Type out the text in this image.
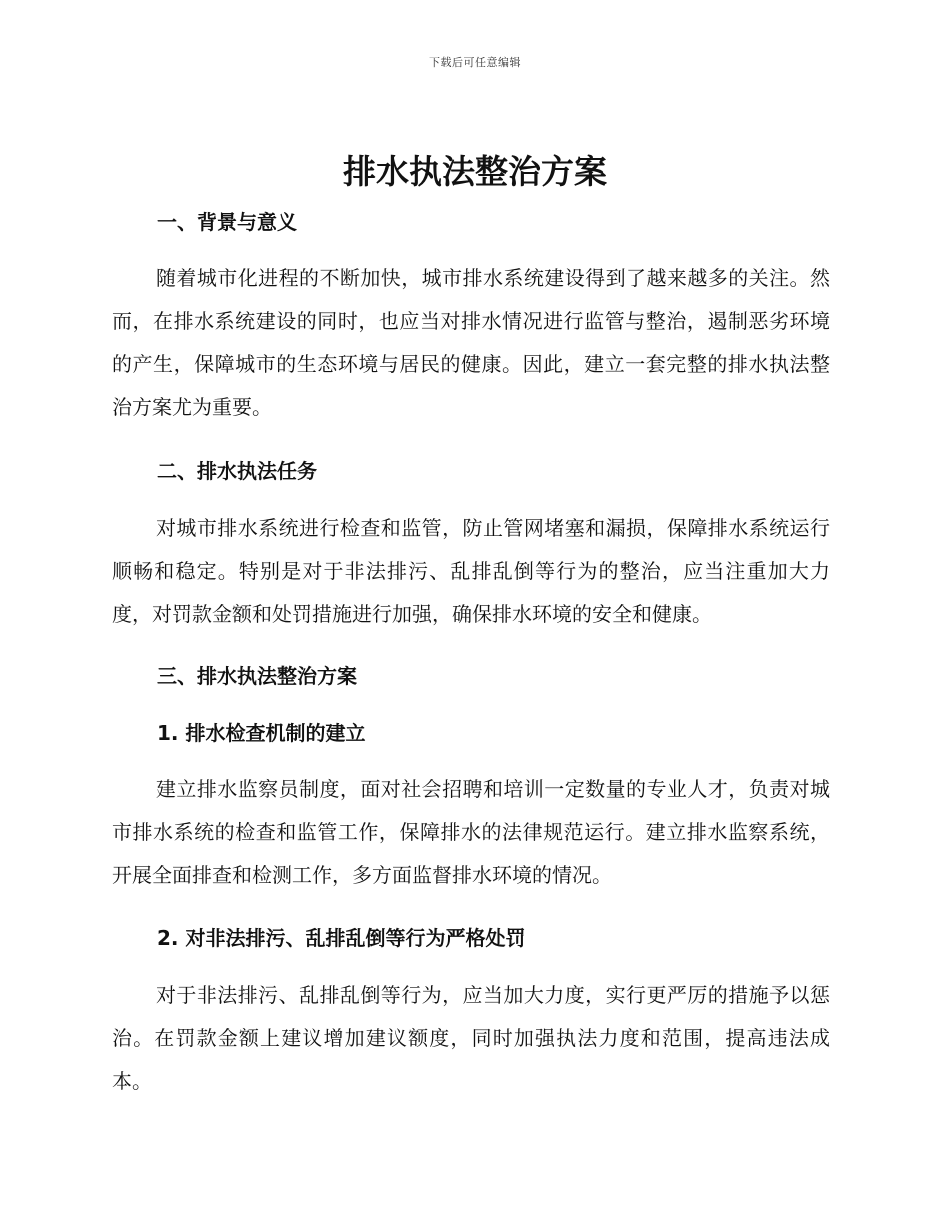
下载后可任意编辑
排水执法整治方案
一、背景与意义

随着城市化进程的不断加快，城市排水系统建设得到了越来越多的关注。然而，在排水系统建设的同时，也应当对排水情况进行监管与整治，遏制恶劣环境的产生，保障城市的生态环境与居民的健康。因此，建立一套完整的排水执法整治方案尤为重要。

二、排水执法任务

对城市排水系统进行检查和监管，防止管网堵塞和漏损，保障排水系统运行顺畅和稳定。特别是对于非法排污、乱排乱倒等行为的整治，应当注重加大力度，对罚款金额和处罚措施进行加强，确保排水环境的安全和健康。

三、排水执法整治方案
1. 排水检查机制的建立

建立排水监察员制度，面对社会招聘和培训一定数量的专业人才，负责对城市排水系统的检查和监管工作，保障排水的法律规范运行。建立排水监察系统，开展全面排查和检测工作，多方面监督排水环境的情况。

2. 对非法排污、乱排乱倒等行为严格处罚

对于非法排污、乱排乱倒等行为，应当加大力度，实行更严厉的措施予以惩治。在罚款金额上建议增加建议额度，同时加强执法力度和范围，提高违法成本。
